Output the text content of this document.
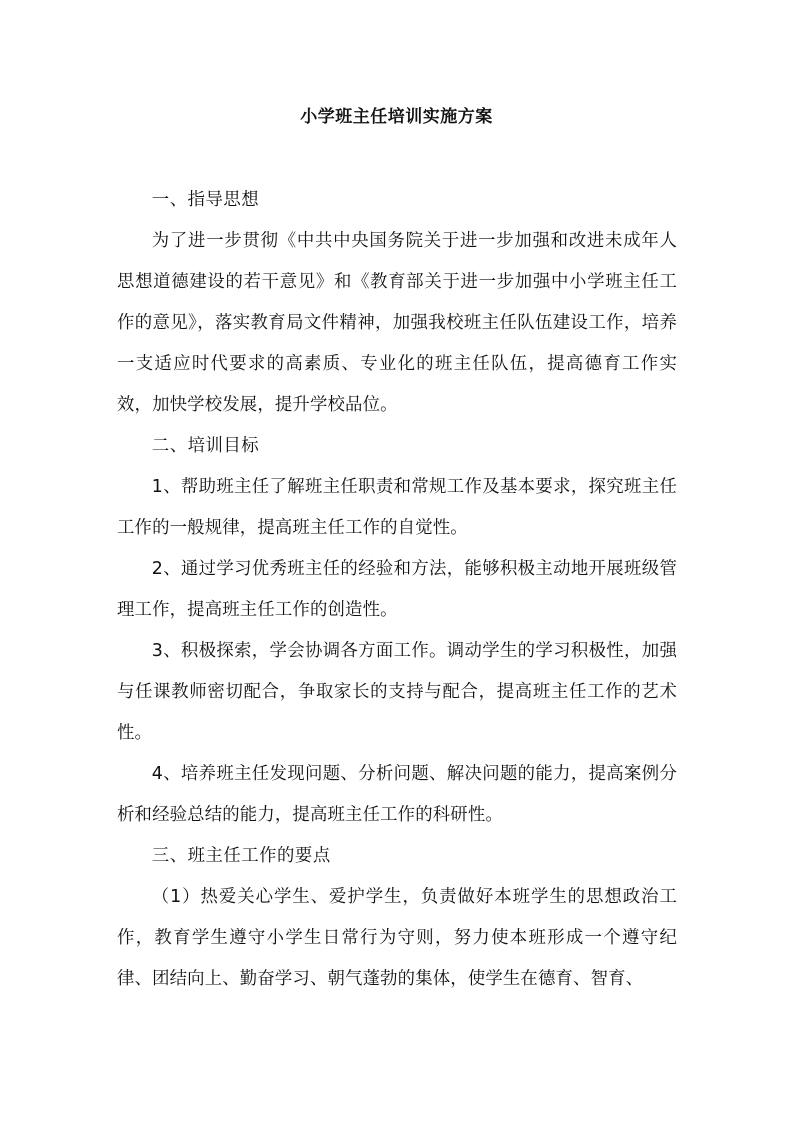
小学班主任培训实施方案

一、指导思想

为了进一步贯彻《中共中央国务院关于进一步加强和改进未成年人思想道德建设的若干意见》和《教育部关于进一步加强中小学班主任工作的意见》，落实教育局文件精神，加强我校班主任队伍建设工作，培养一支适应时代要求的高素质、专业化的班主任队伍，提高德育工作实效，加快学校发展，提升学校品位。

二、培训目标

1、帮助班主任了解班主任职责和常规工作及基本要求，探究班主任工作的一般规律，提高班主任工作的自觉性。

2、通过学习优秀班主任的经验和方法，能够积极主动地开展班级管理工作，提高班主任工作的创造性。

3、积极探索，学会协调各方面工作。调动学生的学习积极性，加强与任课教师密切配合，争取家长的支持与配合，提高班主任工作的艺术性。

4、培养班主任发现问题、分析问题、解决问题的能力，提高案例分析和经验总结的能力，提高班主任工作的科研性。

三、班主任工作的要点

（1）热爱关心学生、爱护学生，负责做好本班学生的思想政治工作，教育学生遵守小学生日常行为守则，努力使本班形成一个遵守纪律、团结向上、勤奋学习、朝气蓬勃的集体，使学生在德育、智育、
